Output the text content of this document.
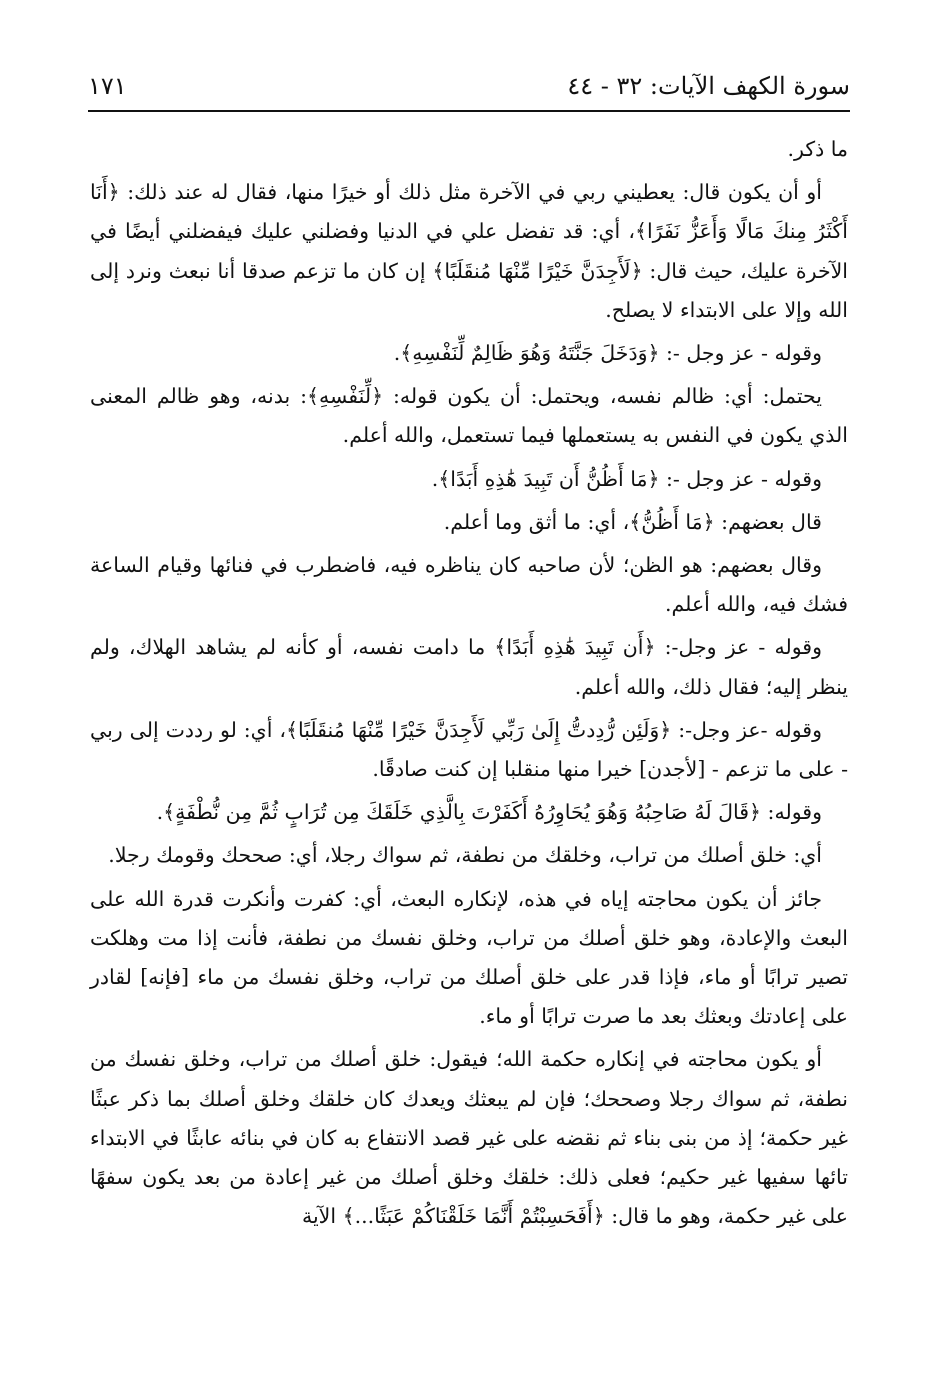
سورة الكهف الآيات: ٣٢ - ٤٤
١٧١

ما ذكر.

أو أن يكون قال: يعطيني ربي في الآخرة مثل ذلك أو خيرًا منها، فقال له عند ذلك: ﴿أَنَا أَكْثَرُ مِنكَ مَالًا وَأَعَزُّ نَفَرًا﴾، أي: قد تفضل علي في الدنيا وفضلني عليك فيفضلني أيضًا في الآخرة عليك، حيث قال: ﴿لَأَجِدَنَّ خَيْرًا مِّنْهَا مُنقَلَبًا﴾ إن كان ما تزعم صدقا أنا نبعث ونرد إلى الله وإلا على الابتداء لا يصلح.

وقوله - عز وجل -: ﴿وَدَخَلَ جَنَّتَهُ وَهُوَ ظَالِمٌ لِّنَفْسِهِ﴾.

يحتمل: أي: ظالم نفسه، ويحتمل: أن يكون قوله: ﴿لِّنَفْسِهِ﴾: بدنه، وهو ظالم المعنى الذي يكون في النفس به يستعملها فيما تستعمل، والله أعلم.

وقوله - عز وجل -: ﴿مَا أَظُنُّ أَن تَبِيدَ هَٰذِهِ أَبَدًا﴾.

قال بعضهم: ﴿مَا أَظُنُّ﴾، أي: ما أثق وما أعلم.

وقال بعضهم: هو الظن؛ لأن صاحبه كان يناظره فيه، فاضطرب في فنائها وقيام الساعة فشك فيه، والله أعلم.

وقوله - عز وجل-: ﴿أَن تَبِيدَ هَٰذِهِ أَبَدًا﴾ ما دامت نفسه، أو كأنه لم يشاهد الهلاك، ولم ينظر إليه؛ فقال ذلك، والله أعلم.

وقوله -عز وجل-: ﴿وَلَئِن رُّدِدتُّ إِلَىٰ رَبِّي لَأَجِدَنَّ خَيْرًا مِّنْهَا مُنقَلَبًا﴾، أي: لو رددت إلى ربي - على ما تزعم - [لأجدن] خيرا منها منقلبا إن كنت صادقًا.

وقوله: ﴿قَالَ لَهُ صَاحِبُهُ وَهُوَ يُحَاوِرُهُ أَكَفَرْتَ بِالَّذِي خَلَقَكَ مِن تُرَابٍ ثُمَّ مِن نُّطْفَةٍ﴾.

أي: خلق أصلك من تراب، وخلقك من نطفة، ثم سواك رجلا، أي: صححك وقومك رجلا.

جائز أن يكون محاجته إياه في هذه، لإنكاره البعث، أي: كفرت وأنكرت قدرة الله على البعث والإعادة، وهو خلق أصلك من تراب، وخلق نفسك من نطفة، فأنت إذا مت وهلكت تصير ترابًا أو ماء، فإذا قدر على خلق أصلك من تراب، وخلق نفسك من ماء [فإنه] لقادر على إعادتك وبعثك بعد ما صرت ترابًا أو ماء.

أو يكون محاجته في إنكاره حكمة الله؛ فيقول: خلق أصلك من تراب، وخلق نفسك من نطفة، ثم سواك رجلا وصححك؛ فإن لم يبعثك ويعدك كان خلقك وخلق أصلك بما ذكر عبثًا غير حكمة؛ إذ من بنى بناء ثم نقضه على غير قصد الانتفاع به كان في بنائه عابثًا في الابتداء تائها سفيها غير حكيم؛ فعلى ذلك: خلقك وخلق أصلك من غير إعادة من بعد يكون سفهًا على غير حكمة، وهو ما قال: ﴿أَفَحَسِبْتُمْ أَنَّمَا خَلَقْنَاكُمْ عَبَثًا...﴾ الآية
